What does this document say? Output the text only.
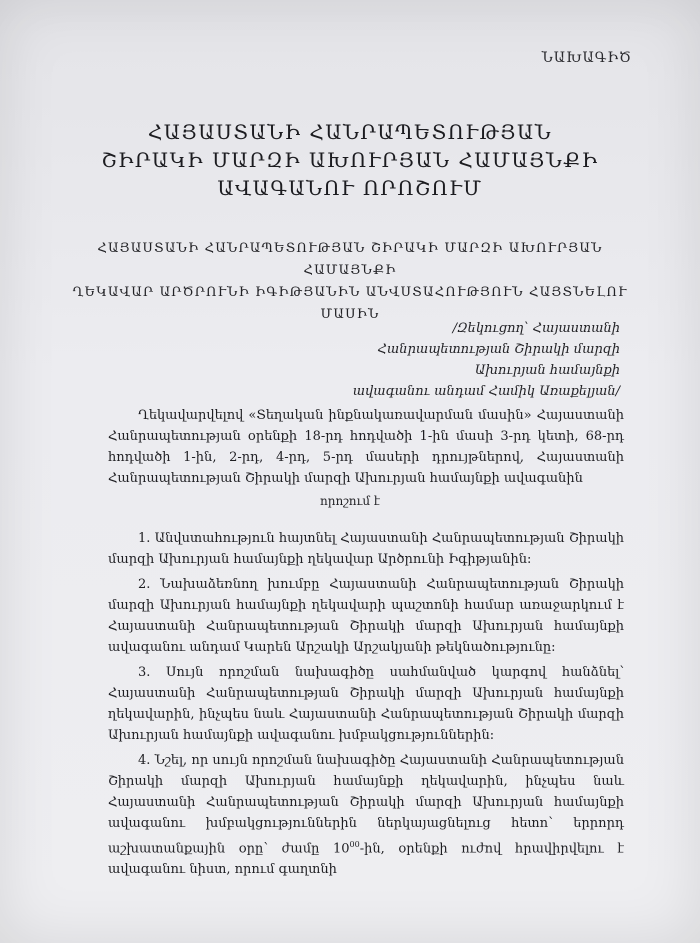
ՆԱԽԱԳԻԾ
ՀԱՅԱՍՏԱՆԻ ՀԱՆՐԱՊԵՏՈՒԹՅԱՆ
ՇԻՐԱԿԻ ՄԱՐԶԻ ԱԽՈՒՐՅԱՆ ՀԱՄԱՅՆՔԻ
ԱՎԱԳԱՆՈՒ ՈՐՈՇՈՒՄ
ՀԱՅԱՍՏԱՆԻ ՀԱՆՐԱՊԵՏՈՒԹՅԱՆ ՇԻՐԱԿԻ ՄԱՐԶԻ ԱԽՈՒՐՅԱՆ ՀԱՄԱՅՆՔԻ
ՂԵԿԱՎԱՐ ԱՐԾՐՈՒՆԻ ԻԳԻԹՅԱՆԻՆ ԱՆՎՍՏԱՀՈՒԹՅՈՒՆ ՀԱՅՏՆԵԼՈՒ
ՄԱՍԻՆ
/Զեկուցող՝ Հայաստանի Հանրապետության Շիրակի մարզի Ախուրյան համայնքի
ավագանու անդամ Համիկ Առաքելյան/
Ղեկավարվելով «Տեղական ինքնակառավարման մասին» Հայաստանի Հանրապետության օրենքի 18-րդ հոդվածի 1-ին մասի 3-րդ կետի, 68-րդ հոդվածի 1-ին, 2-րդ, 4-րդ, 5-րդ մասերի դրույթներով, Հայաստանի Հանրապետության Շիրակի մարզի Ախուրյան համայնքի ավագանին
որոշում է

1. Անվստահություն հայտնել Հայաստանի Հանրապետության Շիրակի մարզի Ախուրյան համայնքի ղեկավար Արծրունի Իգիթյանին:

2. Նախաձեռնող խումբը Հայաստանի Հանրապետության Շիրակի մարզի Ախուրյան համայնքի ղեկավարի պաշտոնի համար առաջարկում է Հայաստանի Հանրապետության Շիրակի մարզի Ախուրյան համայնքի ավագանու անդամ Կարեն Արշակի Արշակյանի թեկնածությունը:

3. Սույն որոշման նախագիծը սահմանված կարգով հանձնել՝ Հայաստանի Հանրապետության Շիրակի մարզի Ախուրյան համայնքի ղեկավարին, ինչպես նաև Հայաստանի Հանրապետության Շիրակի մարզի Ախուրյան համայնքի ավագանու խմբակցություններին:

4. Նշել, որ սույն որոշման նախագիծը Հայաստանի Հանրապետության Շիրակի մարզի Ախուրյան համայնքի ղեկավարին, ինչպես նաև Հայաստանի Հանրապետության Շիրակի մարզի Ախուրյան համայնքի ավագանու խմբակցություններին ներկայացնելուց հետո՝ երրորդ աշխատանքային օրը՝ ժամը $10^{00}-ին$, օրենքի ուժով հրավիրվելու է ավագանու նիստ, որում գաղտնի
